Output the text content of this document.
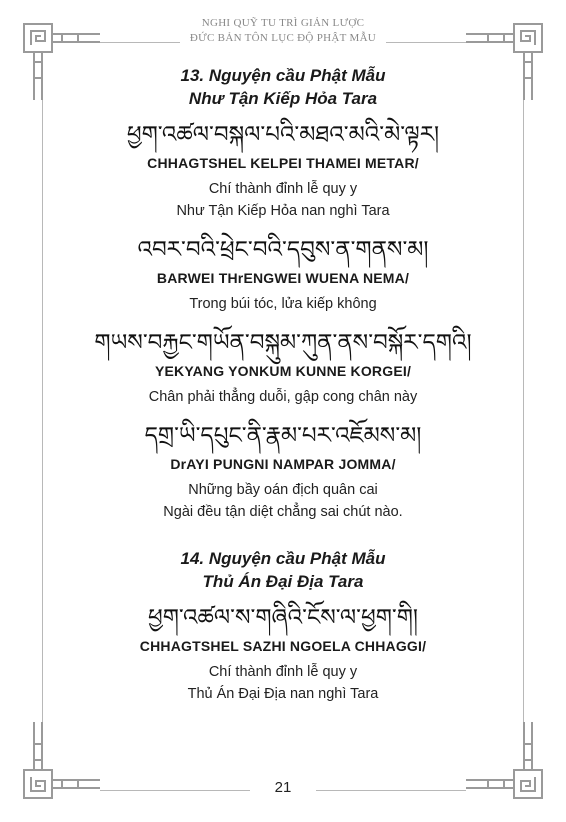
NGHI QUỸ TU TRÌ GIẢN LƯỢC
ĐỨC BẢN TÔN LỤC ĐỘ PHẬT MẪU

13. Nguyện cầu Phật Mẫu

Như Tận Kiếp Hỏa Tara

ཕྱག་འཚལ་བསྐལ་པའི་མཐའ་མའི་མེ་ལྟར།
CHHAGTSHEL KELPEI THAMEI METAR/
Chí thành đỉnh lễ quy y
Như Tận Kiếp Hỏa nan nghì Tara
འབར་བའི་ཕྲེང་བའི་དབུས་ན་གནས་མ།
BARWEI THrENGWEI WUENA NEMA/
Trong búi tóc, lửa kiếp không
གཡས་བརྐྱང་གཡོན་བསྐུམ་ཀུན་ནས་བསྐོར་དགའི།
YEKYANG YONKUM KUNNE KORGEI/
Chân phải thẳng duỗi, gập cong chân này
དགྲ་ཡི་དཔུང་ནི་རྣམ་པར་འཇོམས་མ།
DrAYI PUNGNI NAMPAR JOMMA/
Những bầy oán địch quân cai
Ngài đều tận diệt chẳng sai chút nào.

14. Nguyện cầu Phật Mẫu

Thủ Án Đại Địa Tara

ཕྱག་འཚལ་ས་གཞིའི་ངོས་ལ་ཕྱག་གི།
CHHAGTSHEL SAZHI NGOELA CHHAGGI/
Chí thành đỉnh lễ quy y
Thủ Án Đại Địa nan nghì Tara
21
